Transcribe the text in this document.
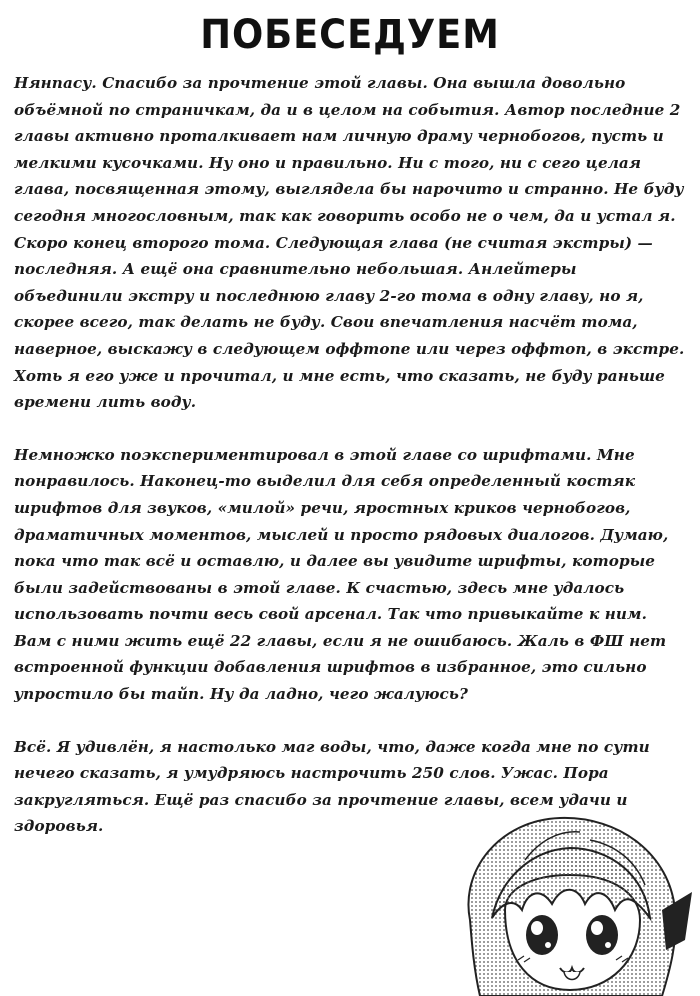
ПОБЕСЕДУЕМ

Нянпасу. Спасибо за прочтение этой главы. Она вышла довольно объёмной по страничкам, да и в целом на события. Автор последние 2 главы активно проталкивает нам личную драму чернобогов, пусть и мелкими кусочками. Ну оно и правильно. Ни с того, ни с сего целая глава, посвященная этому, выглядела бы нарочито и странно. Не буду сегодня многословным, так как говорить особо не о чем, да и устал я. Скоро конец второго тома. Следующая глава (не считая экстры) — последняя. А ещё она сравнительно небольшая. Анлейтеры объединили экстру и последнюю главу 2-го тома в одну главу, но я, скорее всего, так делать не буду. Свои впечатления насчёт тома, наверное, выскажу в следующем оффтопе или через оффтоп, в экстре. Хоть я его уже и прочитал, и мне есть, что сказать, не буду раньше времени лить воду.

Немножко поэкспериментировал в этой главе со шрифтами. Мне понравилось. Наконец-то выделил для себя определенный костяк шрифтов для звуков, «милой» речи, яростных криков чернобогов, драматичных моментов, мыслей и просто рядовых диалогов. Думаю, пока что так всё и оставлю, и далее вы увидите шрифты, которые были задействованы в этой главе. К счастью, здесь мне удалось использовать почти весь свой арсенал. Так что привыкайте к ним. Вам с ними жить ещё 22 главы, если я не ошибаюсь. Жаль в ФШ нет встроенной функции добавления шрифтов в избранное, это сильно упростило бы тайп. Ну да ладно, чего жалуюсь?

Всё. Я удивлён, я настолько маг воды, что, даже когда мне по сути нечего сказать, я умудряюсь настрочить 250 слов. Ужас. Пора закругляться. Ещё раз спасибо за прочтение главы, всем удачи и здоровья.
